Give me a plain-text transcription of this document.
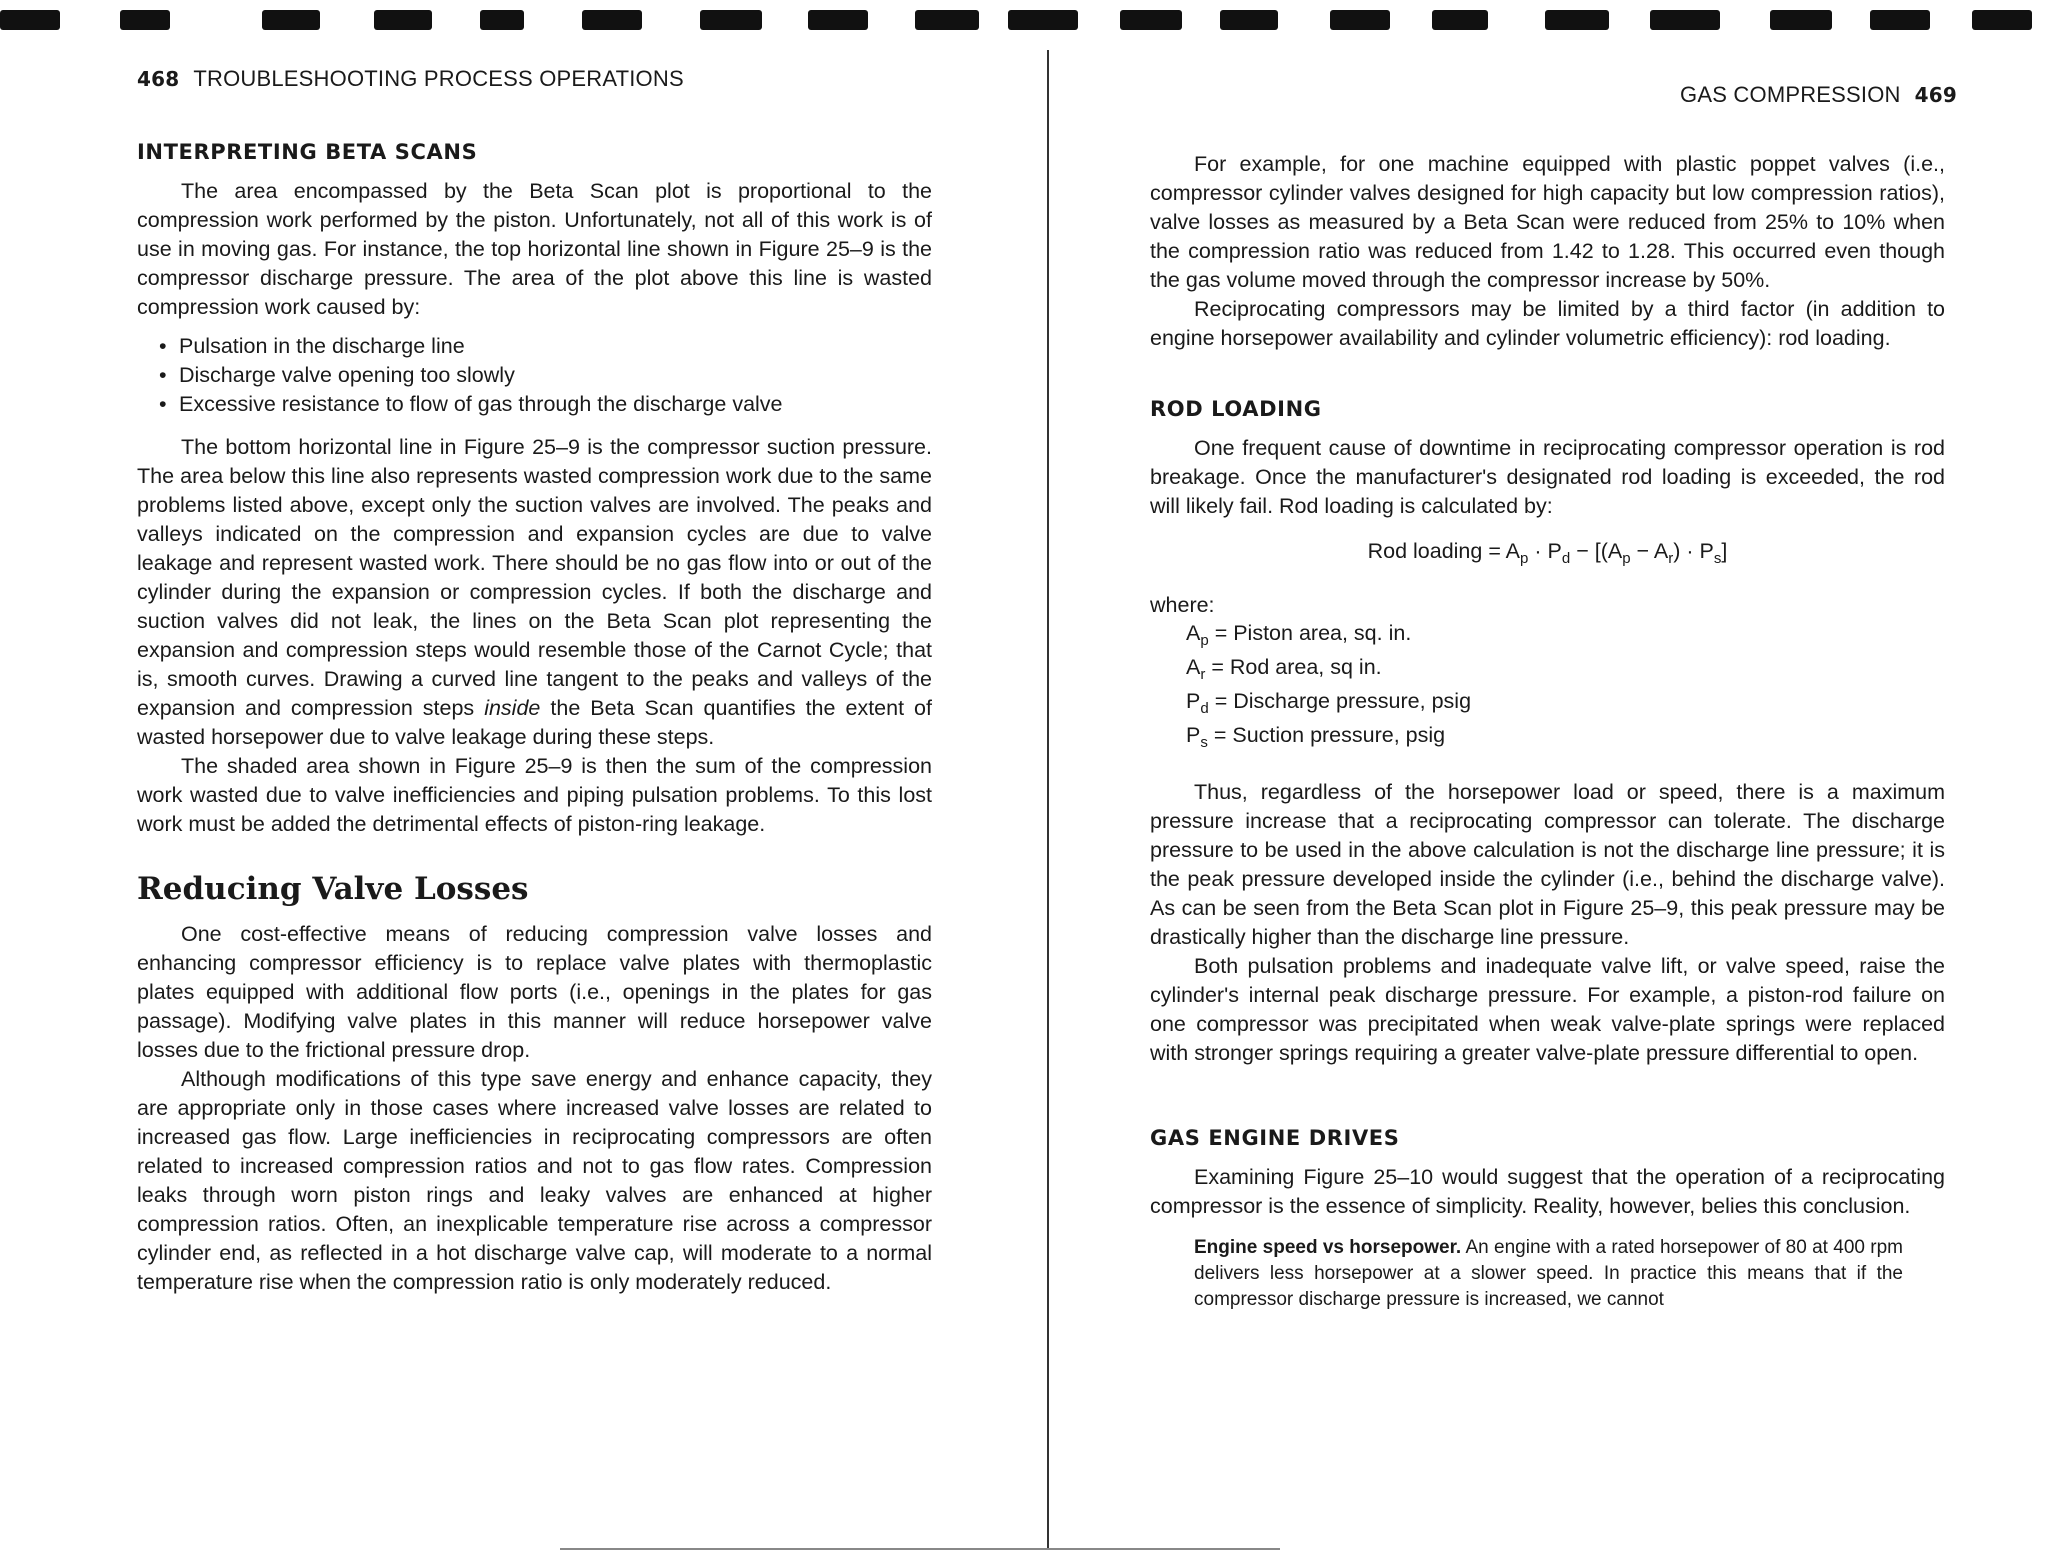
468 TROUBLESHOOTING PROCESS OPERATIONS
GAS COMPRESSION 469
INTERPRETING BETA SCANS

The area encompassed by the Beta Scan plot is proportional to the compression work performed by the piston. Unfortunately, not all of this work is of use in moving gas. For instance, the top horizontal line shown in Figure 25–9 is the compressor discharge pressure. The area of the plot above this line is wasted compression work caused by:

• Pulsation in the discharge line
• Discharge valve opening too slowly
• Excessive resistance to flow of gas through the discharge valve

The bottom horizontal line in Figure 25–9 is the compressor suction pressure. The area below this line also represents wasted compression work due to the same problems listed above, except only the suction valves are involved. The peaks and valleys indicated on the compression and expansion cycles are due to valve leakage and represent wasted work. There should be no gas flow into or out of the cylinder during the expansion or compression cycles. If both the discharge and suction valves did not leak, the lines on the Beta Scan plot representing the expansion and compression steps would resemble those of the Carnot Cycle; that is, smooth curves. Drawing a curved line tangent to the peaks and valleys of the expansion and compression steps inside the Beta Scan quantifies the extent of wasted horsepower due to valve leakage during these steps.

The shaded area shown in Figure 25–9 is then the sum of the compression work wasted due to valve inefficiencies and piping pulsation problems. To this lost work must be added the detrimental effects of piston-ring leakage.

Reducing Valve Losses

One cost-effective means of reducing compression valve losses and enhancing compressor efficiency is to replace valve plates with thermoplastic plates equipped with additional flow ports (i.e., openings in the plates for gas passage). Modifying valve plates in this manner will reduce horsepower valve losses due to the frictional pressure drop.

Although modifications of this type save energy and enhance capacity, they are appropriate only in those cases where increased valve losses are related to increased gas flow. Large inefficiencies in reciprocating compressors are often related to increased compression ratios and not to gas flow rates. Compression leaks through worn piston rings and leaky valves are enhanced at higher compression ratios. Often, an inexplicable temperature rise across a compressor cylinder end, as reflected in a hot discharge valve cap, will moderate to a normal temperature rise when the compression ratio is only moderately reduced.

For example, for one machine equipped with plastic poppet valves (i.e., compressor cylinder valves designed for high capacity but low compression ratios), valve losses as measured by a Beta Scan were reduced from 25% to 10% when the compression ratio was reduced from 1.42 to 1.28. This occurred even though the gas volume moved through the compressor increase by 50%.

Reciprocating compressors may be limited by a third factor (in addition to engine horsepower availability and cylinder volumetric efficiency): rod loading.

ROD LOADING

One frequent cause of downtime in reciprocating compressor operation is rod breakage. Once the manufacturer's designated rod loading is exceeded, the rod will likely fail. Rod loading is calculated by:

Rod loading = $A_p \cdot P_d - [(A_p - A_r) \cdot P_s]$

where:

$A_p$ = Piston area, sq. in.
$A_r$ = Rod area, sq in.
$P_d$ = Discharge pressure, psig
$P_s$ = Suction pressure, psig

Thus, regardless of the horsepower load or speed, there is a maximum pressure increase that a reciprocating compressor can tolerate. The discharge pressure to be used in the above calculation is not the discharge line pressure; it is the peak pressure developed inside the cylinder (i.e., behind the discharge valve). As can be seen from the Beta Scan plot in Figure 25–9, this peak pressure may be drastically higher than the discharge line pressure.

Both pulsation problems and inadequate valve lift, or valve speed, raise the cylinder's internal peak discharge pressure. For example, a piston-rod failure on one compressor was precipitated when weak valve-plate springs were replaced with stronger springs requiring a greater valve-plate pressure differential to open.

GAS ENGINE DRIVES

Examining Figure 25–10 would suggest that the operation of a reciprocating compressor is the essence of simplicity. Reality, however, belies this conclusion.

Engine speed vs horsepower. An engine with a rated horsepower of 80 at 400 rpm delivers less horsepower at a slower speed. In practice this means that if the compressor discharge pressure is increased, we cannot
